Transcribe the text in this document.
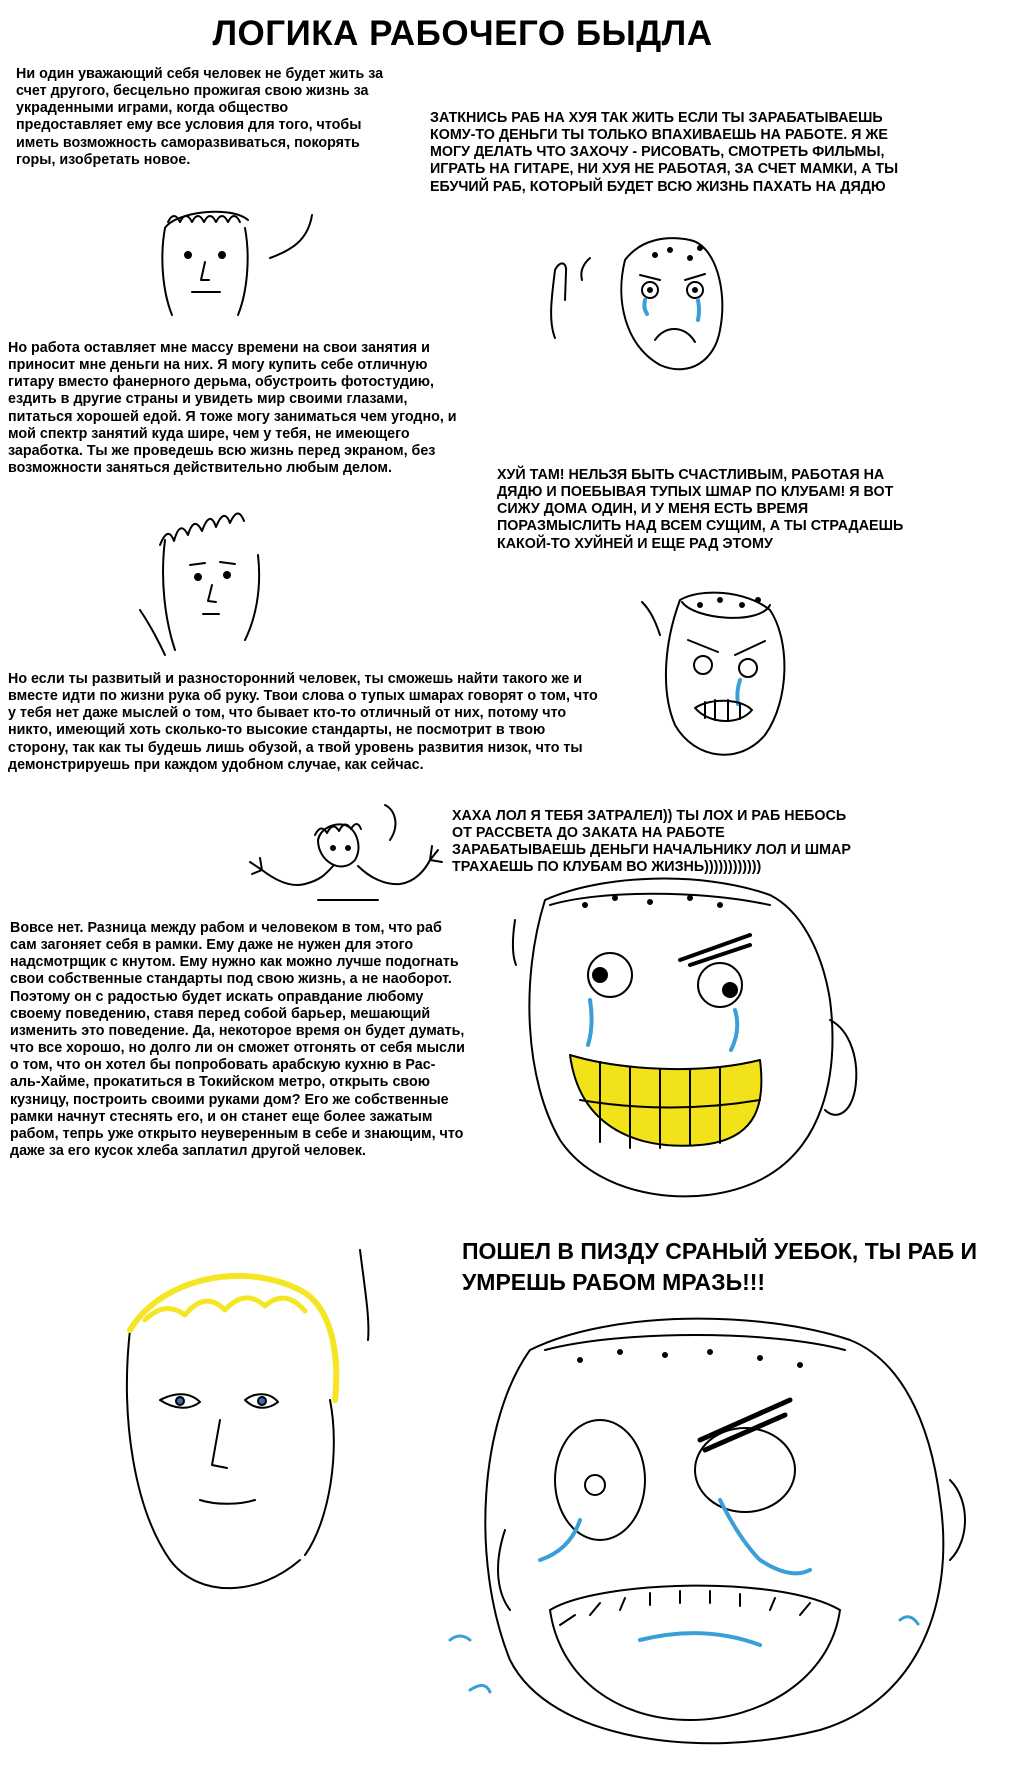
ЛОГИКА РАБОЧЕГО БЫДЛА
Ни один уважающий себя человек не будет жить за счет другого, бесцельно прожигая свою жизнь за украденными играми, когда общество предоставляет ему все условия для того, чтобы иметь возможность саморазвиваться, покорять горы, изобретать новое.
Но работа оставляет мне массу времени на свои занятия и приносит мне деньги на них. Я могу купить себе отличную гитару вместо фанерного дерьма, обустроить фотостудию, ездить в другие страны и увидеть мир своими глазами, питаться хорошей едой. Я тоже могу заниматься чем угодно, и мой спектр занятий куда шире, чем у тебя, не имеющего заработка. Ты же проведешь всю жизнь перед экраном, без возможности заняться действительно любым делом.
Но если ты развитый и разносторонний человек, ты сможешь найти такого же и вместе идти по жизни рука об руку. Твои слова о тупых шмарах говорят о том, что у тебя нет даже мыслей о том, что бывает кто-то отличный от них, потому что никто, имеющий хоть сколько-то высокие стандарты, не посмотрит в твою сторону, так как ты будешь лишь обузой, а твой уровень развития низок, что ты демонстрируешь при каждом удобном случае, как сейчас.
Вовсе нет. Разница между рабом и человеком в том, что раб сам загоняет себя в рамки. Ему даже не нужен для этого надсмотрщик с кнутом. Ему нужно как можно лучше подогнать свои собственные стандарты под свою жизнь, а не наоборот. Поэтому он с радостью будет искать оправдание любому своему поведению, ставя перед собой барьер, мешающий изменить это поведение. Да, некоторое время он будет думать, что все хорошо, но долго ли он сможет отгонять от себя мысли о том, что он хотел бы попробовать арабскую кухню в Рас-аль-Хайме, прокатиться в Токийском метро, открыть свою кузницу, построить своими руками дом? Его же собственные рамки начнут стеснять его, и он станет еще более зажатым рабом, тепрь уже открыто неуверенным в себе и знающим, что даже за его кусок хлеба заплатил другой человек.
ЗАТКНИСЬ РАБ НА ХУЯ ТАК ЖИТЬ ЕСЛИ ТЫ ЗАРАБАТЫВАЕШЬ КОМУ-ТО ДЕНЬГИ ТЫ ТОЛЬКО ВПАХИВАЕШЬ НА РАБОТЕ. Я ЖЕ МОГУ ДЕЛАТЬ ЧТО ЗАХОЧУ - РИСОВАТЬ, СМОТРЕТЬ ФИЛЬМЫ, ИГРАТЬ НА ГИТАРЕ, НИ ХУЯ НЕ РАБОТАЯ, ЗА СЧЕТ МАМКИ, А ТЫ ЕБУЧИЙ РАБ, КОТОРЫЙ БУДЕТ ВСЮ ЖИЗНЬ ПАХАТЬ НА ДЯДЮ
ХУЙ ТАМ! НЕЛЬЗЯ БЫТЬ СЧАСТЛИВЫМ, РАБОТАЯ НА ДЯДЮ И ПОЕБЫВАЯ ТУПЫХ ШМАР ПО КЛУБАМ! Я ВОТ СИЖУ ДОМА ОДИН, И У МЕНЯ ЕСТЬ ВРЕМЯ ПОРАЗМЫСЛИТЬ НАД ВСЕМ СУЩИМ, А ТЫ СТРАДАЕШЬ КАКОЙ-ТО ХУЙНЕЙ И ЕЩЕ РАД ЭТОМУ
ХАХА ЛОЛ Я ТЕБЯ ЗАТРАЛЕЛ)) ТЫ ЛОХ И РАБ НЕБОСЬ ОТ РАССВЕТА ДО ЗАКАТА НА РАБОТЕ ЗАРАБАТЫВАЕШЬ ДЕНЬГИ НАЧАЛЬНИКУ ЛОЛ И ШМАР ТРАХАЕШЬ ПО КЛУБАМ ВО ЖИЗНЬ))))))))))))
ПОШЕЛ В ПИЗДУ СРАНЫЙ УЕБОК, ТЫ РАБ И УМРЕШЬ РАБОМ МРАЗЬ!!!
